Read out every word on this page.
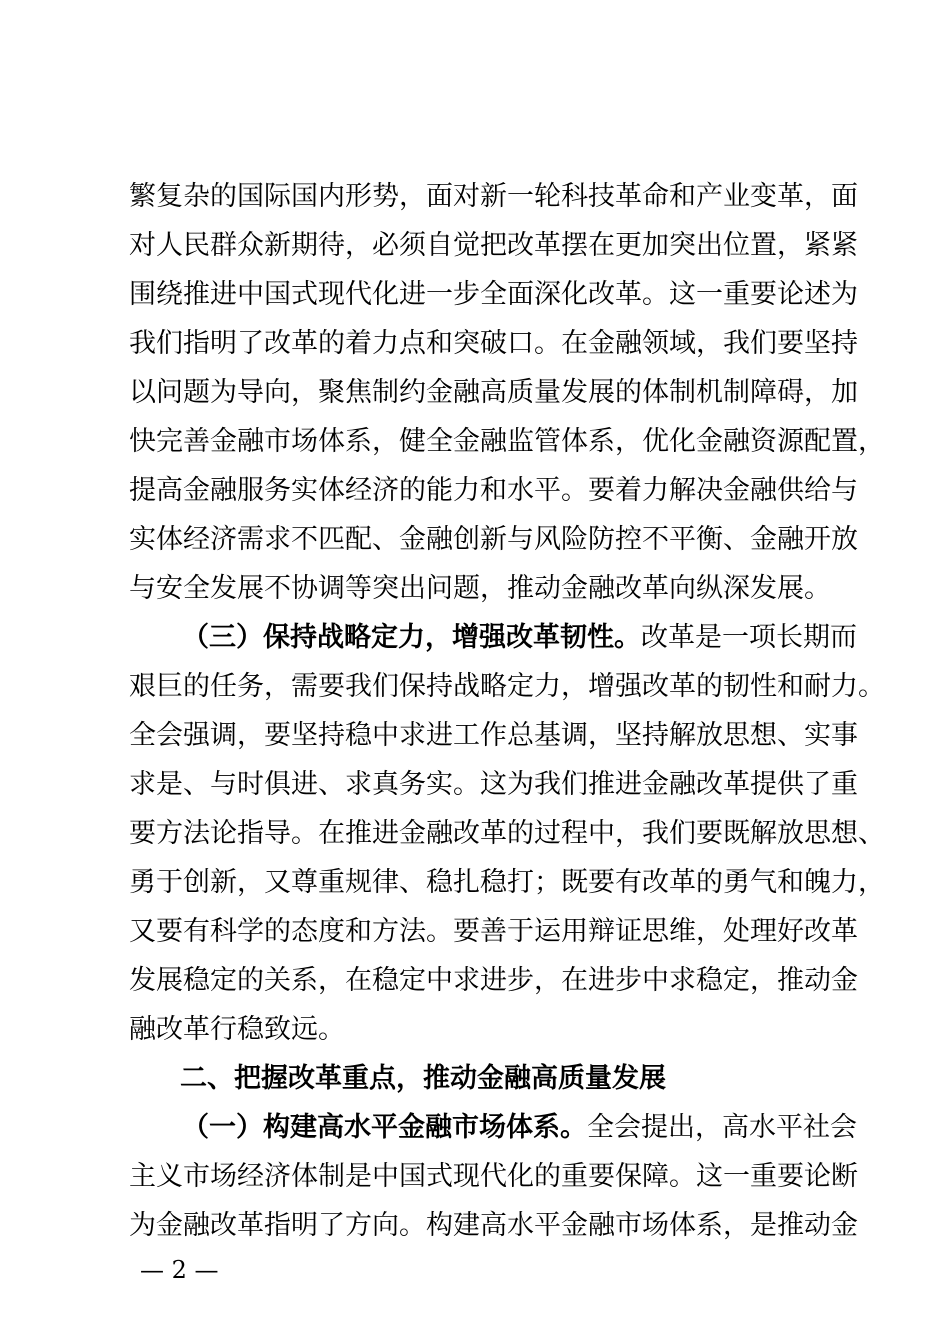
繁复杂的国际国内形势，面对新一轮科技革命和产业变革，面
对人民群众新期待，必须自觉把改革摆在更加突出位置，紧紧
围绕推进中国式现代化进一步全面深化改革。这一重要论述为
我们指明了改革的着力点和突破口。在金融领域，我们要坚持
以问题为导向，聚焦制约金融高质量发展的体制机制障碍，加
快完善金融市场体系，健全金融监管体系，优化金融资源配置，
提高金融服务实体经济的能力和水平。要着力解决金融供给与
实体经济需求不匹配、金融创新与风险防控不平衡、金融开放
与安全发展不协调等突出问题，推动金融改革向纵深发展。
（三）保持战略定力，增强改革韧性。改革是一项长期而
艰巨的任务，需要我们保持战略定力，增强改革的韧性和耐力。
全会强调，要坚持稳中求进工作总基调，坚持解放思想、实事
求是、与时俱进、求真务实。这为我们推进金融改革提供了重
要方法论指导。在推进金融改革的过程中，我们要既解放思想、
勇于创新，又尊重规律、稳扎稳打；既要有改革的勇气和魄力，
又要有科学的态度和方法。要善于运用辩证思维，处理好改革
发展稳定的关系，在稳定中求进步，在进步中求稳定，推动金
融改革行稳致远。
二、把握改革重点，推动金融高质量发展
（一）构建高水平金融市场体系。全会提出，高水平社会
主义市场经济体制是中国式现代化的重要保障。这一重要论断
为金融改革指明了方向。构建高水平金融市场体系，是推动金
— 2 —
